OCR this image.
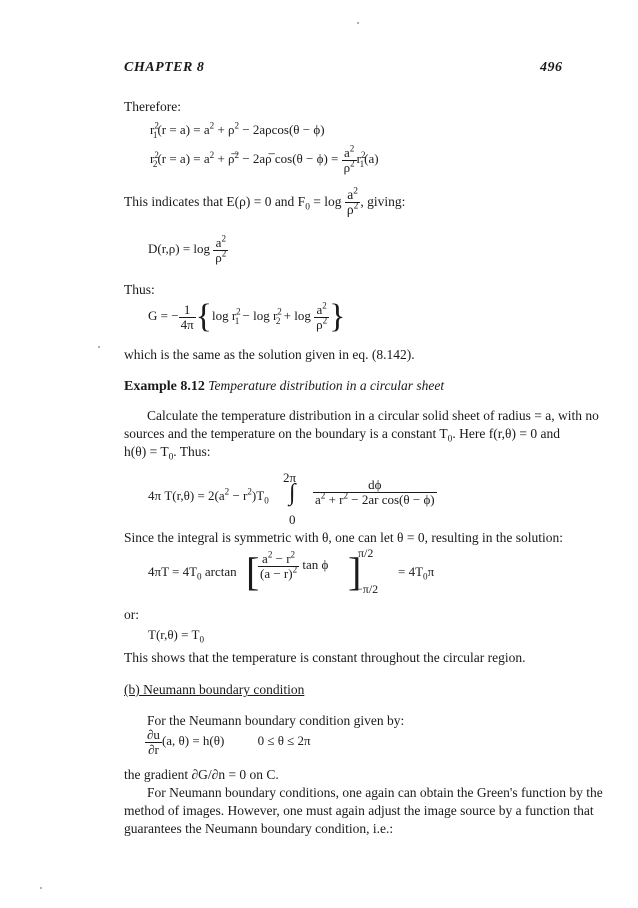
CHAPTER 8	496
Therefore:
$r^2_1(r = a) = a^2 + \rho^2 - 2a\rho\cos(\theta - \phi)$
$r^2_2(r = a) = a^2$ + ρ̅$^2$ − 2aρ̅ $\cos(\theta - \phi) = \frac{a^2}{\rho^2} r^2_1(a)$
This indicates that E(ρ) = 0 and $F_0 = \log \frac{a^2}{\rho^2}$ , giving:
$D(r,\rho) = \log \frac{a^2}{\rho^2}$
Thus:
G = − $\frac{1}{4\pi} \{\log$ $r^2_1 - \log r^2_2 + \log \frac{a^2}{\rho^2}$ }
which is the same as the solution given in eq. (8.142).
Example 8.12 Temperature distribution in a circular sheet
Calculate the temperature distribution in a circular solid sheet of radius = a, with no
sources and the temperature on the boundary is a constant $T_0$. Here f(r,θ) = 0 and
$h(\theta) = T_0$. Thus:
4π $T(r,\theta) = 2(a^2 - r^2)T_0$
2π
∫
0
$\frac{d\phi}{a^2 + r^2 - 2ar \cos(\theta - \phi)}$
Since the integral is symmetric with θ, one can let θ = 0, resulting in the solution:
$4\pi T = 4T_0$ arctan [
$\frac{a^2 - r^2}{(a - r)^2}$ tan ϕ ]
π/2
−π/2
= $4T_0\pi$
or:
$T(r,\theta) = T_0$
This shows that the temperature is constant throughout the circular region.
(b) Neumann boundary condition
For the Neumann boundary condition given by:
$\frac{\partial u}{\partial r} (a$, θ) = h(θ)	0 ≤ θ ≤ 2π
the gradient ∂G/∂n = 0 on C.
For Neumann boundary conditions, one again can obtain the Green's function by the
method of images. However, one must again adjust the image source by a function that
guarantees the Neumann boundary condition, i.e.:
